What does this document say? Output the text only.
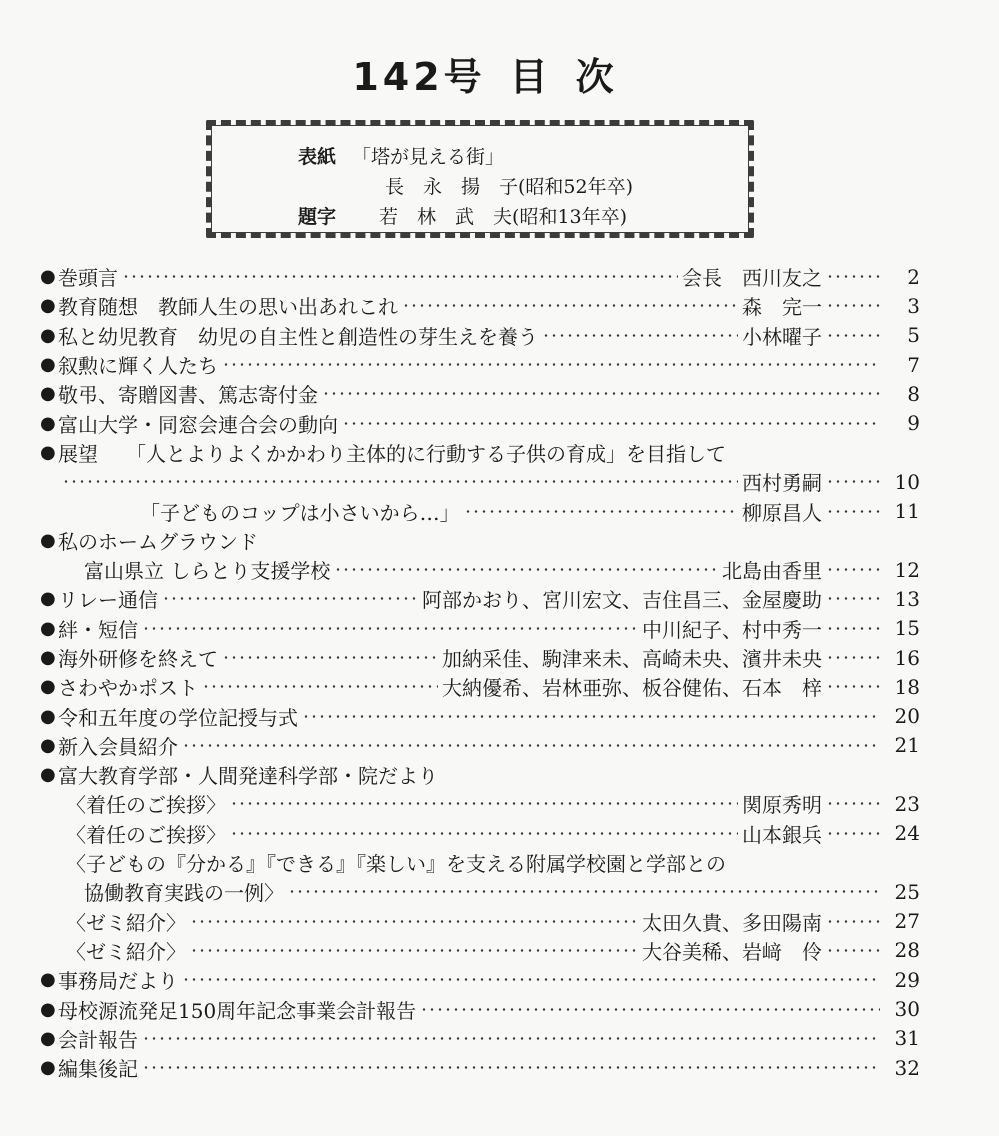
142号 目 次
表紙 「塔が見える街」
長　永　揚　子(昭和52年卒)
題字 若　林　武　夫(昭和13年卒)
● 巻頭言	会長　西川友之	2
● 教育随想 教師人生の思い出あれこれ	森　完一	3
● 私と幼児教育 幼児の自主性と創造性の芽生えを養う	小林曜子	5
● 叙勲に輝く人たち	7
● 敬弔、寄贈図書、篤志寄付金	8
● 富山大学・同窓会連合会の動向	9
● 展望 「人とよりよくかかわり主体的に行動する子供の育成」を目指して
西村勇嗣	10
「子どものコップは小さいから…」	柳原昌人	11
● 私のホームグラウンド
富山県立 しらとり支援学校	北島由香里	12
● リレー通信	阿部かおり、宮川宏文、吉住昌三、金屋慶助	13
● 絆・短信	中川紀子、村中秀一	15
● 海外研修を終えて	加納采佳、駒津来未、高崎未央、濱井未央	16
● さわやかポスト	大納優希、岩林亜弥、板谷健佑、石本　梓	18
● 令和五年度の学位記授与式	20
● 新入会員紹介	21
● 富大教育学部・人間発達科学部・院だより
〈着任のご挨拶〉	関原秀明	23
〈着任のご挨拶〉	山本銀兵	24
〈子どもの『分かる』『できる』『楽しい』を支える附属学校園と学部との
協働教育実践の一例〉	25
〈ゼミ紹介〉	太田久貴、多田陽南	27
〈ゼミ紹介〉	大谷美稀、岩﨑　伶	28
● 事務局だより	29
● 母校源流発足150周年記念事業会計報告	30
● 会計報告	31
● 編集後記	32
